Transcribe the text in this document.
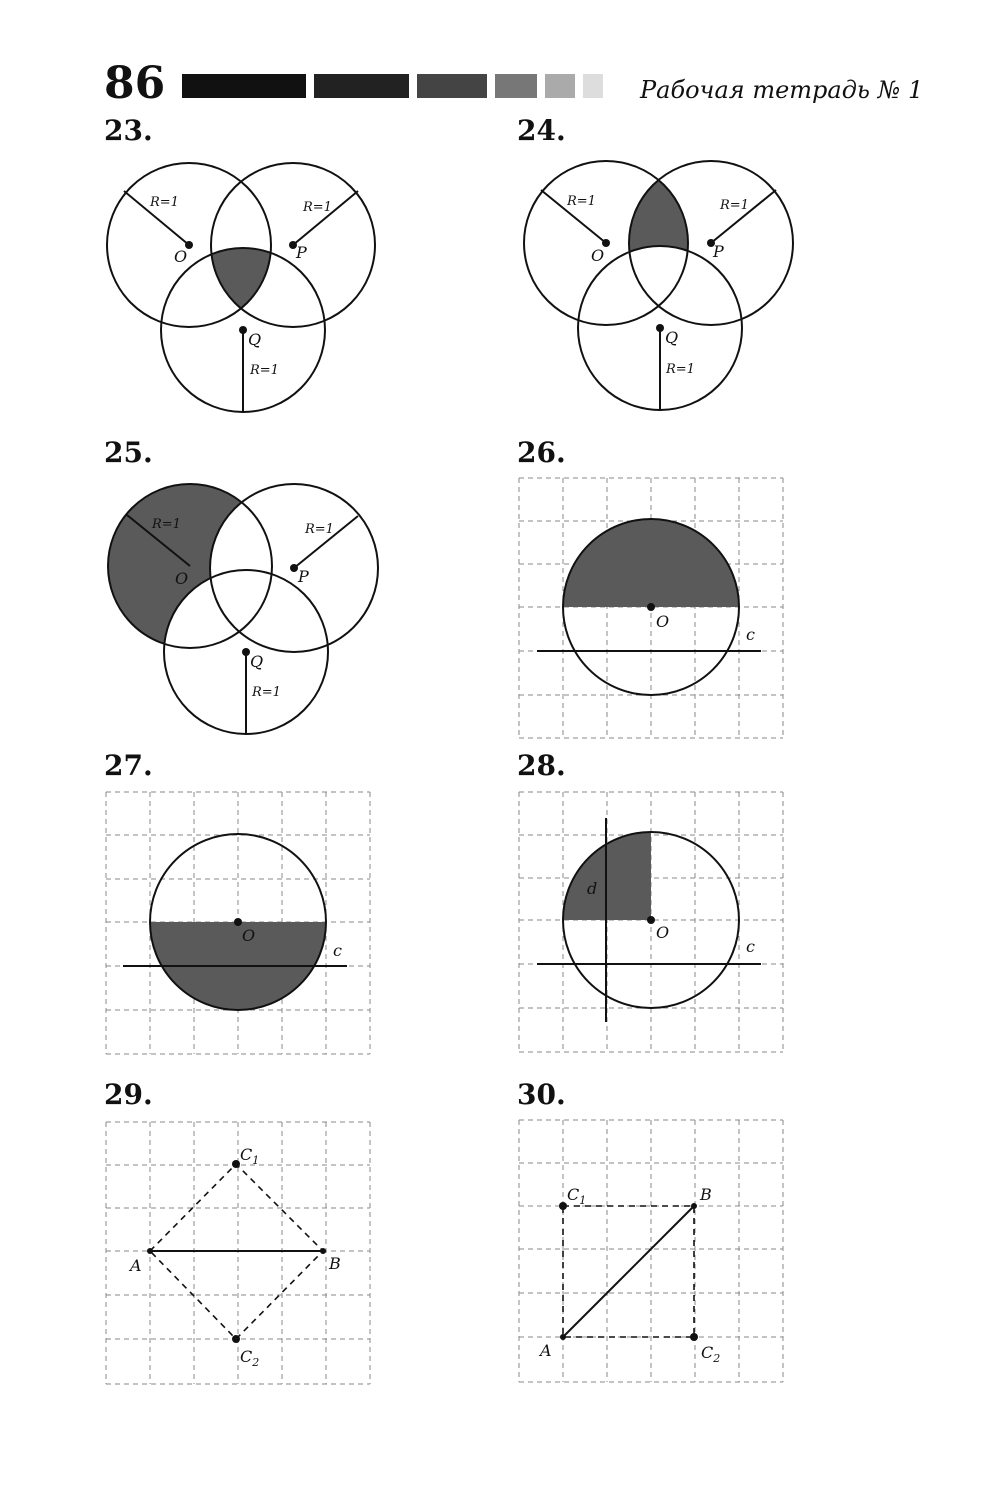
86	Рабочая тетрадь № 1
23.
R=1	R=1
R=1
O	P
Q
24.
R=1	R=1
R=1
O	P
Q
25.
R=1	R=1
R=1
O	P
Q
26.
O
c
27.
O
c
28.
O
c
d
29.
A	B
$C_1$
$C_2$
30.
A
B
$C_1$
$C_2$
